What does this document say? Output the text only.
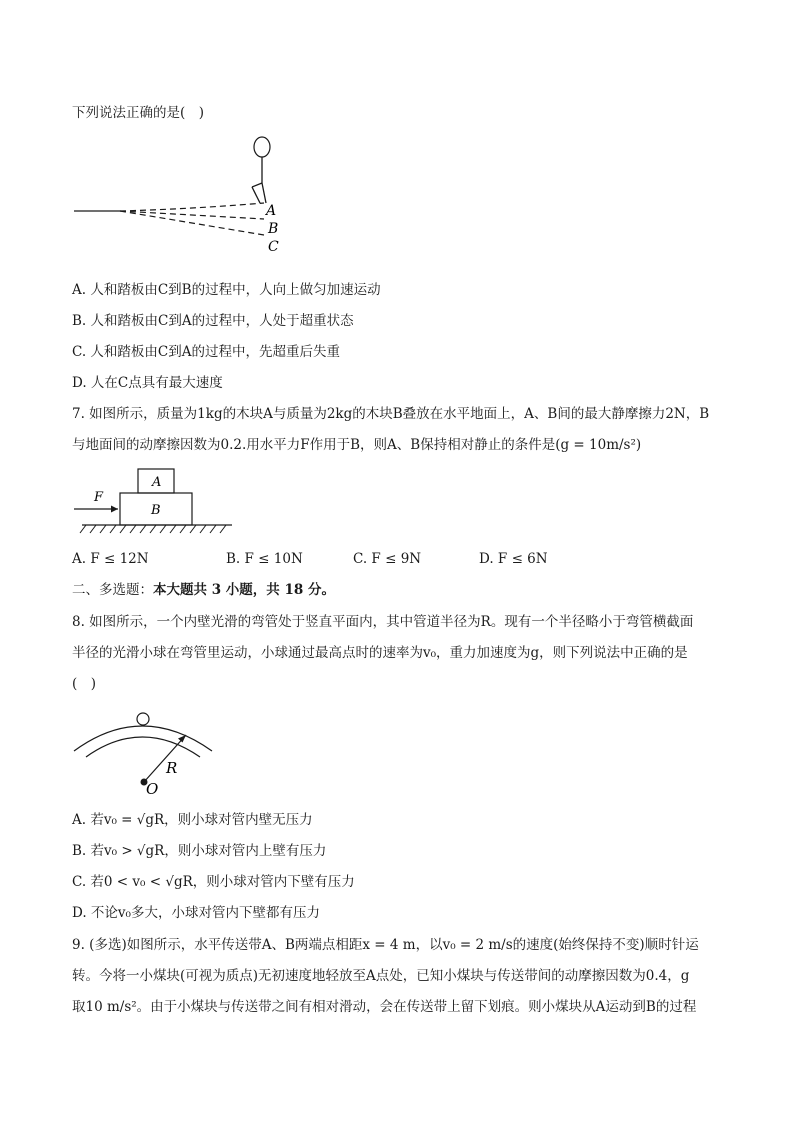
下列说法正确的是(　)
A
B
C
A. 人和踏板由C到B的过程中，人向上做匀加速运动
B. 人和踏板由C到A的过程中，人处于超重状态
C. 人和踏板由C到A的过程中，先超重后失重
D. 人在C点具有最大速度
7. 如图所示，质量为1kg的木块A与质量为2kg的木块B叠放在水平地面上，A、B间的最大静摩擦力2N，B
与地面间的动摩擦因数为0.2.用水平力F作用于B，则A、B保持相对静止的条件是(g = 10m/s²)
A
B
F
A. F ≤ 12N	B. F ≤ 10N	C. F ≤ 9N	D. F ≤ 6N
二、多选题：本大题共 3 小题，共 18 分。
8. 如图所示，一个内壁光滑的弯管处于竖直平面内，其中管道半径为R。现有一个半径略小于弯管横截面
半径的光滑小球在弯管里运动，小球通过最高点时的速率为v₀，重力加速度为g，则下列说法中正确的是
(　)
R
O
A. 若v₀ = √gR，则小球对管内壁无压力
B. 若v₀ > √gR，则小球对管内上壁有压力
C. 若0 < v₀ < √gR，则小球对管内下壁有压力
D. 不论v₀多大，小球对管内下壁都有压力
9. (多选)如图所示，水平传送带A、B两端点相距x = 4 m，以v₀ = 2 m/s的速度(始终保持不变)顺时针运
转。今将一小煤块(可视为质点)无初速度地轻放至A点处，已知小煤块与传送带间的动摩擦因数为0.4，g
取10 m/s²。由于小煤块与传送带之间有相对滑动，会在传送带上留下划痕。则小煤块从A运动到B的过程
